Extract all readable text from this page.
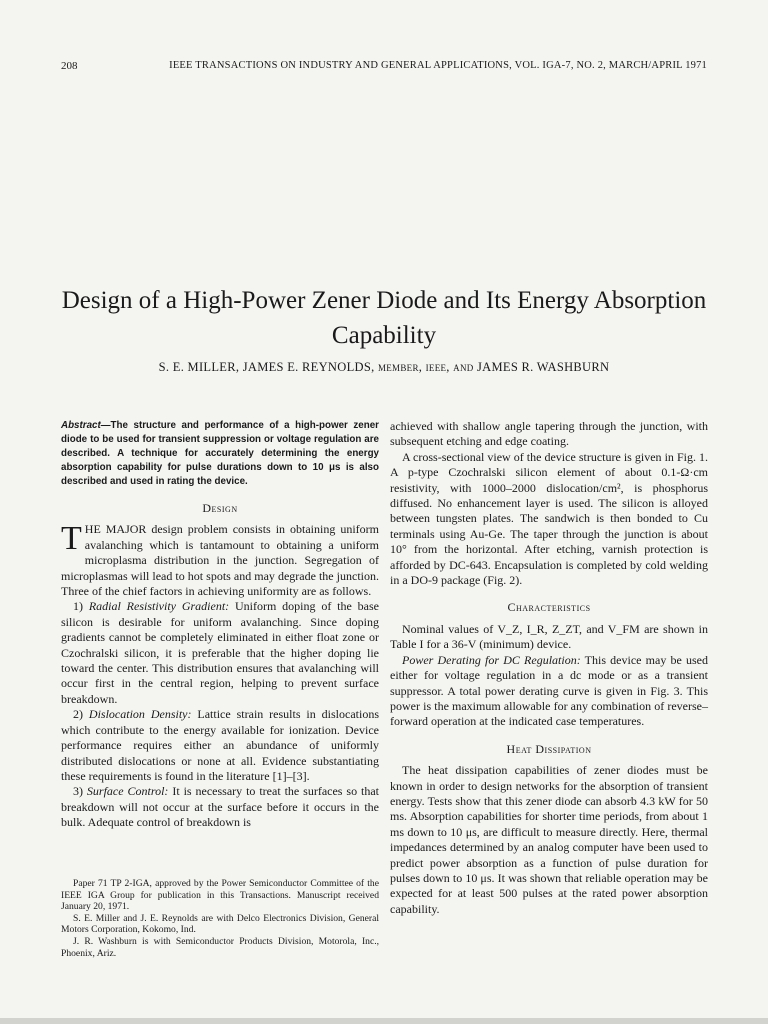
208	IEEE TRANSACTIONS ON INDUSTRY AND GENERAL APPLICATIONS, VOL. IGA-7, NO. 2, MARCH/APRIL 1971
Design of a High-Power Zener Diode and Its Energy Absorption Capability
S. E. MILLER, JAMES E. REYNOLDS, member, ieee, and JAMES R. WASHBURN

Abstract—The structure and performance of a high-power zener diode to be used for transient suppression or voltage regulation are described. A technique for accurately determining the energy absorption capability for pulse durations down to 10 μs is also described and used in rating the device.

Design

THE MAJOR design problem consists in obtaining uniform avalanching which is tantamount to obtaining a uniform microplasma distribution in the junction. Segregation of microplasmas will lead to hot spots and may degrade the junction. Three of the chief factors in achieving uniformity are as follows.

1) Radial Resistivity Gradient: Uniform doping of the base silicon is desirable for uniform avalanching. Since doping gradients cannot be completely eliminated in either float zone or Czochralski silicon, it is preferable that the higher doping lie toward the center. This distribution ensures that avalanching will occur first in the central region, helping to prevent surface breakdown.

2) Dislocation Density: Lattice strain results in dislocations which contribute to the energy available for ionization. Device performance requires either an abundance of uniformly distributed dislocations or none at all. Evidence substantiating these requirements is found in the literature [1]–[3].

3) Surface Control: It is necessary to treat the surfaces so that breakdown will not occur at the surface before it occurs in the bulk. Adequate control of breakdown is

Paper 71 TP 2-IGA, approved by the Power Semiconductor Committee of the IEEE IGA Group for publication in this Transactions. Manuscript received January 20, 1971.

S. E. Miller and J. E. Reynolds are with Delco Electronics Division, General Motors Corporation, Kokomo, Ind.

J. R. Washburn is with Semiconductor Products Division, Motorola, Inc., Phoenix, Ariz.

achieved with shallow angle tapering through the junction, with subsequent etching and edge coating.

A cross-sectional view of the device structure is given in Fig. 1. A p-type Czochralski silicon element of about 0.1-Ω·cm resistivity, with 1000–2000 dislocation/cm², is phosphorus diffused. No enhancement layer is used. The silicon is alloyed between tungsten plates. The sandwich is then bonded to Cu terminals using Au-Ge. The taper through the junction is about 10° from the horizontal. After etching, varnish protection is afforded by DC-643. Encapsulation is completed by cold welding in a DO-9 package (Fig. 2).

Characteristics

Nominal values of V_Z, I_R, Z_ZT, and V_FM are shown in Table I for a 36-V (minimum) device.

Power Derating for DC Regulation: This device may be used either for voltage regulation in a dc mode or as a transient suppressor. A total power derating curve is given in Fig. 3. This power is the maximum allowable for any combination of reverse–forward operation at the indicated case temperatures.

Heat Dissipation

The heat dissipation capabilities of zener diodes must be known in order to design networks for the absorption of transient energy. Tests show that this zener diode can absorb 4.3 kW for 50 ms. Absorption capabilities for shorter time periods, from about 1 ms down to 10 μs, are difficult to measure directly. Here, thermal impedances determined by an analog computer have been used to predict power absorption as a function of pulse duration for pulses down to 10 μs. It was shown that reliable operation may be expected for at least 500 pulses at the rated power absorption capability.
